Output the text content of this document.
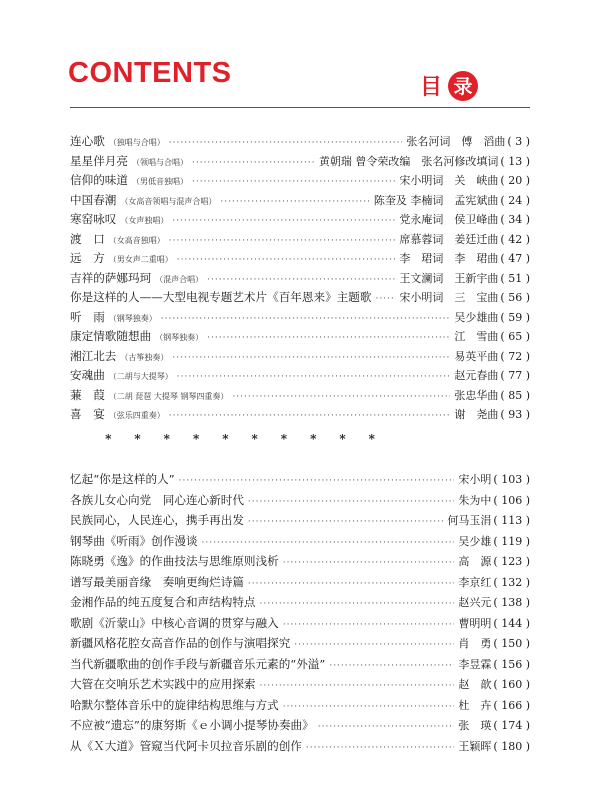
CONTENTS	目 录
连心歌 （独唱与合唱） ·····	张名河词　傅　滔曲 ( 3 )
星星伴月亮 （领唱与合唱） ·····	黄朝瑞 曾令荣改编　张名河修改填词 ( 13 )
信仰的味道 （男低音独唱） ·····	宋小明词　关　峡曲 ( 20 )
中国春潮 （女高音领唱与混声合唱） ·····	陈奎及 李楠词　孟宪斌曲 ( 24 )
寒窑咏叹 （女声独唱） ·····	党永庵词　侯卫峰曲 ( 34 )
渡　口 （女高音独唱） ·····	席慕蓉词　姜廷迁曲 ( 42 )
远　方 （男女声二重唱） ·····	李　珺词　李　珺曲 ( 47 )
吉祥的萨娜玛珂 （混声合唱） ·····	王文澜词　王新宇曲 ( 51 )
你是这样的人——大型电视专题艺术片《百年恩来》主题歌 ·····	宋小明词　三　宝曲 ( 56 )
听　雨 （钢琴独奏） ·····	吴少雄曲 ( 59 )
康定情歌随想曲 （钢琴独奏） ·····	江　雪曲 ( 65 )
湘江北去 （古筝独奏） ·····	易英平曲 ( 72 )
安魂曲 （二胡与大提琴） ·····	赵元春曲 ( 77 )
蒹　葭 （二胡 琵琶 大提琴 钢琴四重奏） ·····	张忠华曲 ( 85 )
喜　宴 （弦乐四重奏） ·····	谢　尧曲 ( 93 )
* * * * * * * * * *
忆起“你是这样的人” ·····	宋小明 ( 103 )
各族儿女心向党　同心连心新时代 ·····	朱为中 ( 106 )
民族同心，人民连心，携手再出发 ·····	何马玉涓 ( 113 )
钢琴曲《听雨》创作漫谈 ·····	吴少雄 ( 119 )
陈晓勇《逸》的作曲技法与思维原则浅析 ·····	高　源 ( 123 )
谱写最美丽音缘　奏响更绚烂诗篇 ·····	李京红 ( 132 )
金湘作品的纯五度复合和声结构特点 ·····	赵兴元 ( 138 )
歌剧《沂蒙山》中核心音调的贯穿与融入 ·····	曹明明 ( 144 )
新疆风格花腔女高音作品的创作与演唱探究 ·····	肖　勇 ( 150 )
当代新疆歌曲的创作手段与新疆音乐元素的“外溢” ·····	李昱霖 ( 156 )
大管在交响乐艺术实践中的应用探索 ·····	赵　歆 ( 160 )
哈默尔整体音乐中的旋律结构思维与方式 ·····	杜　卉 ( 166 )
不应被“遗忘”的康努斯《ｅ小调小提琴协奏曲》 ·····	张　瑛 ( 174 )
从《Ｘ大道》管窥当代阿卡贝拉音乐剧的创作 ·····	王颖晖 ( 180 )
